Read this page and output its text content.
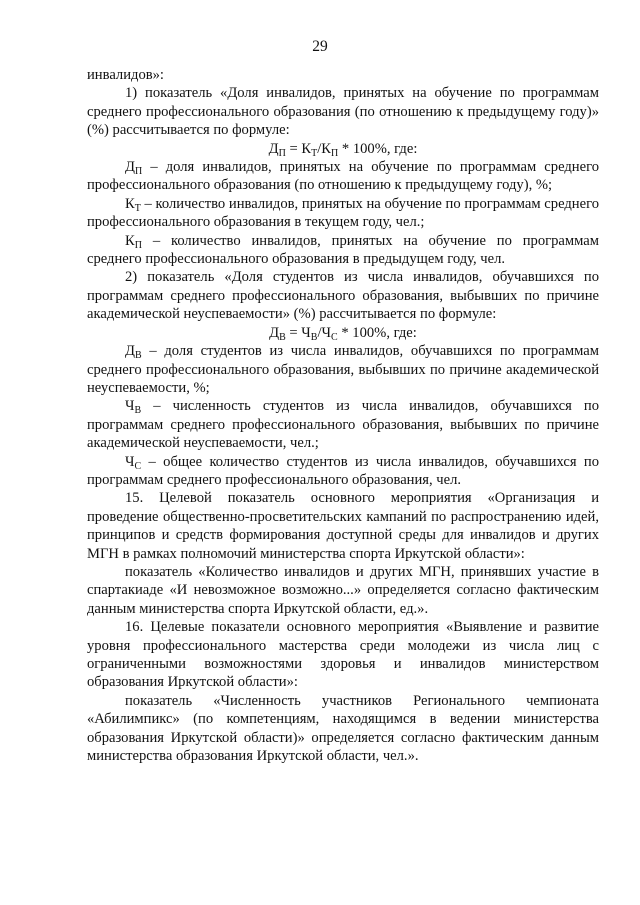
29

инвалидов»:

1) показатель «Доля инвалидов, принятых на обучение по программам среднего профессионального образования (по отношению к предыдущему году)» (%) рассчитывается по формуле:

$Д_П = К_Т/К_П * 100\%$, где:

$Д_П$ – доля инвалидов, принятых на обучение по программам среднего профессионального образования (по отношению к предыдущему году), %;

$К_Т$ – количество инвалидов, принятых на обучение по программам среднего профессионального образования в текущем году, чел.;

$К_П$ – количество инвалидов, принятых на обучение по программам среднего профессионального образования в предыдущем году, чел.

2) показатель «Доля студентов из числа инвалидов, обучавшихся по программам среднего профессионального образования, выбывших по причине академической неуспеваемости» (%) рассчитывается по формуле:

$Д_В = Ч_В/Ч_С * 100\%$, где:

$Д_В$ – доля студентов из числа инвалидов, обучавшихся по программам среднего профессионального образования, выбывших по причине академической неуспеваемости, %;

$Ч_В$ – численность студентов из числа инвалидов, обучавшихся по программам среднего профессионального образования, выбывших по причине академической неуспеваемости, чел.;

$Ч_С$ – общее количество студентов из числа инвалидов, обучавшихся по программам среднего профессионального образования, чел.

15. Целевой показатель основного мероприятия «Организация и проведение общественно-просветительских кампаний по распространению идей, принципов и средств формирования доступной среды для инвалидов и других МГН в рамках полномочий министерства спорта Иркутской области»:

показатель «Количество инвалидов и других МГН, принявших участие в спартакиаде «И невозможное возможно...» определяется согласно фактическим данным министерства спорта Иркутской области, ед.».

16. Целевые показатели основного мероприятия «Выявление и развитие уровня профессионального мастерства среди молодежи из числа лиц с ограниченными возможностями здоровья и инвалидов министерством образования Иркутской области»:

показатель «Численность участников Регионального чемпионата «Абилимпикс» (по компетенциям, находящимся в ведении министерства образования Иркутской области)» определяется согласно фактическим данным министерства образования Иркутской области, чел.».
